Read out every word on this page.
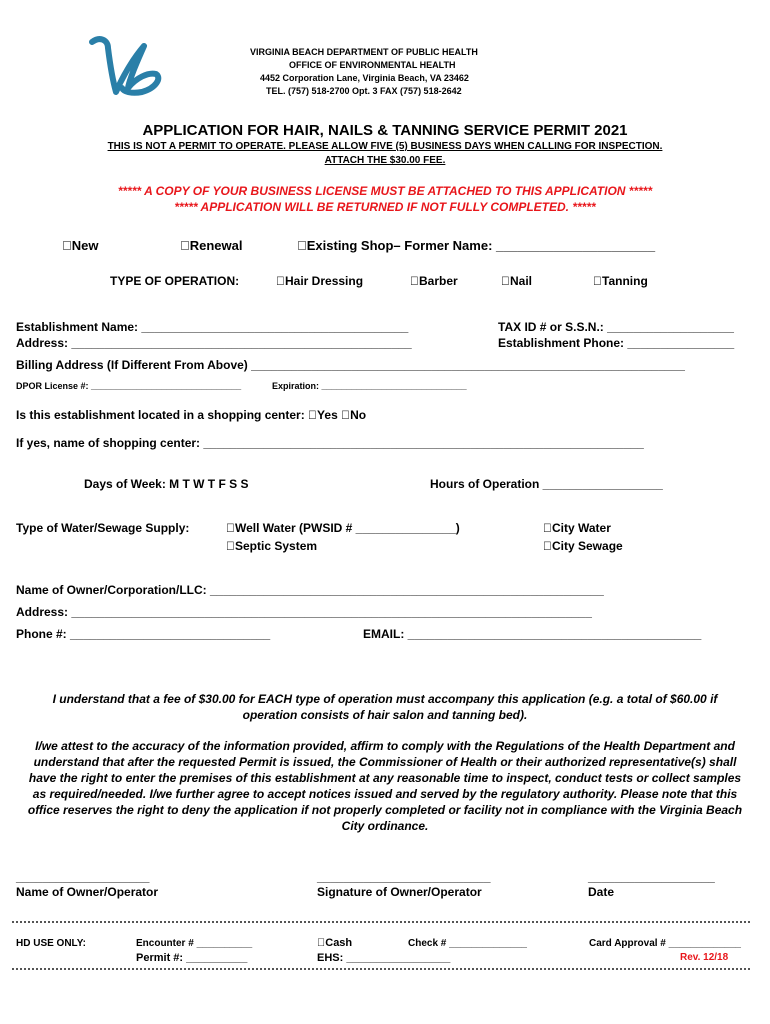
VIRGINIA BEACH DEPARTMENT OF PUBLIC HEALTH
OFFICE OF ENVIRONMENTAL HEALTH
4452 Corporation Lane, Virginia Beach, VA 23462
TEL. (757) 518-2700 Opt. 3 FAX (757) 518-2642
APPLICATION FOR HAIR, NAILS & TANNING SERVICE PERMIT 2021
THIS IS NOT A PERMIT TO OPERATE. PLEASE ALLOW FIVE (5) BUSINESS DAYS WHEN CALLING FOR INSPECTION.
ATTACH THE $30.00 FEE.
***** A COPY OF YOUR BUSINESS LICENSE MUST BE ATTACHED TO THIS APPLICATION *****
***** APPLICATION WILL BE RETURNED IF NOT FULLY COMPLETED. *****
New	Renewal	Existing Shop– Former Name: ______________________
TYPE OF OPERATION:	Hair Dressing	Barber	Nail	Tanning
Establishment Name: ________________________________________
Address: ___________________________________________________
TAX ID # or S.S.N.: ___________________
Establishment Phone: ________________
Billing Address (If Different From Above) _________________________________________________________________
DPOR License #: ______________________________	Expiration: _____________________________
Is this establishment located in a shopping center: Yes No
If yes, name of shopping center: __________________________________________________________________
Days of Week: M T W T F S S	Hours of Operation __________________
Type of Water/Sewage Supply:	Well Water (PWSID # _______________)
Septic System
City Water
City Sewage
Name of Owner/Corporation/LLC: ___________________________________________________________
Address: ______________________________________________________________________________
Phone #: ______________________________	EMAIL: ____________________________________________
I understand that a fee of $30.00 for EACH type of operation must accompany this application (e.g. a total of $60.00 if operation consists of hair salon and tanning bed).
I/we attest to the accuracy of the information provided, affirm to comply with the Regulations of the Health Department and understand that after the requested Permit is issued, the Commissioner of Health or their authorized representative(s) shall have the right to enter the premises of this establishment at any reasonable time to inspect, conduct tests or collect samples as required/needed. I/we further agree to accept notices issued and served by the regulatory authority. Please note that this office reserves the right to deny the application if not properly completed or facility not in compliance with the Virginia Beach City ordinance.
____________________	__________________________	___________________
Name of Owner/Operator	Signature of Owner/Operator	Date
HD USE ONLY:	Encounter # __________
Permit #: __________
Cash
EHS: _________________
Check # ______________	Card Approval # _____________
Rev. 12/18
